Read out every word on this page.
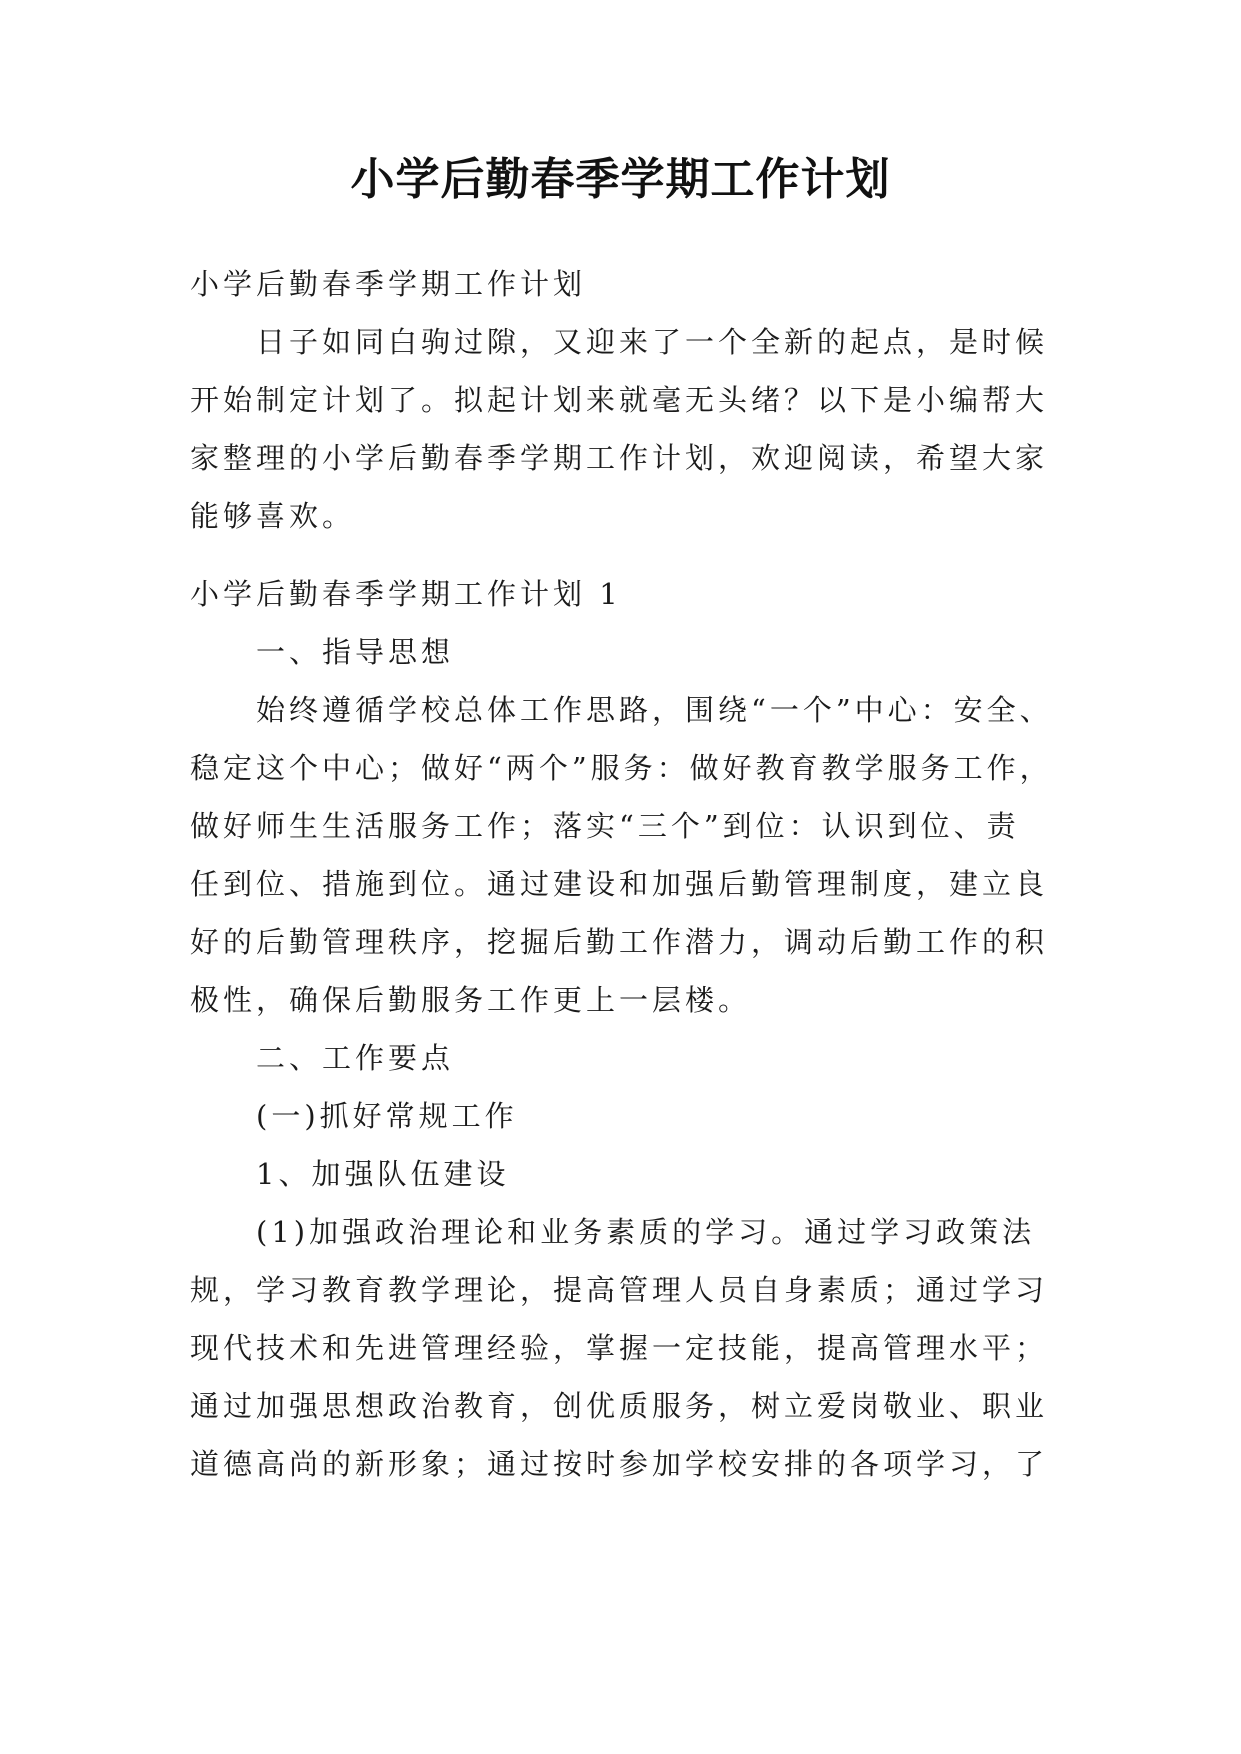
小学后勤春季学期工作计划
小学后勤春季学期工作计划
日子如同白驹过隙，又迎来了一个全新的起点，是时候
开始制定计划了。拟起计划来就毫无头绪？以下是小编帮大
家整理的小学后勤春季学期工作计划，欢迎阅读，希望大家
能够喜欢。
小学后勤春季学期工作计划 1
一、指导思想
始终遵循学校总体工作思路，围绕“一个”中心：安全、
稳定这个中心；做好“两个”服务：做好教育教学服务工作，
做好师生生活服务工作；落实“三个”到位：认识到位、责
任到位、措施到位。通过建设和加强后勤管理制度，建立良
好的后勤管理秩序，挖掘后勤工作潜力，调动后勤工作的积
极性，确保后勤服务工作更上一层楼。
二、工作要点
(一)抓好常规工作
1、加强队伍建设
(1)加强政治理论和业务素质的学习。通过学习政策法
规，学习教育教学理论，提高管理人员自身素质；通过学习
现代技术和先进管理经验，掌握一定技能，提高管理水平；
通过加强思想政治教育，创优质服务，树立爱岗敬业、职业
道德高尚的新形象；通过按时参加学校安排的各项学习，了
